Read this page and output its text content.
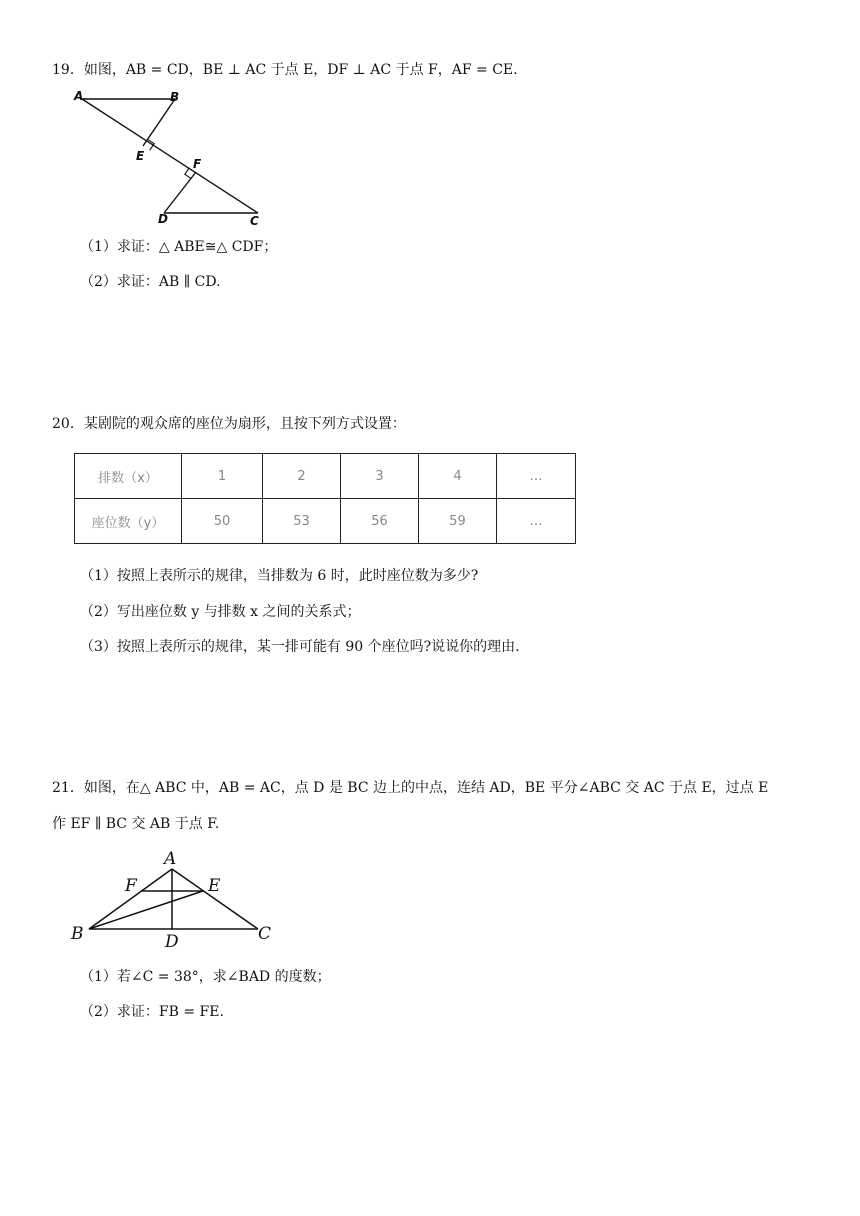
19．如图，AB = CD，BE ⊥ AC 于点 E，DF ⊥ AC 于点 F，AF = CE.
A	B
E
F
D	C
（1）求证：△ ABE≅△ CDF；
（2）求证：AB ∥ CD.
20．某剧院的观众席的座位为扇形，且按下列方式设置：
排数（x）	1	2	3	4	…
座位数（y）	50	53	56	59	…
（1）按照上表所示的规律，当排数为 6 时，此时座位数为多少?
（2）写出座位数 y 与排数 x 之间的关系式；
（3）按照上表所示的规律，某一排可能有 90 个座位吗?说说你的理由.
21．如图，在△ ABC 中，AB = AC，点 D 是 BC 边上的中点，连结 AD，BE 平分∠ABC 交 AC 于点 E，过点 E
作 EF ∥ BC 交 AB 于点 F.
A
F	E
B	D	C
（1）若∠C = 38°，求∠BAD 的度数；
（2）求证：FB = FE.
